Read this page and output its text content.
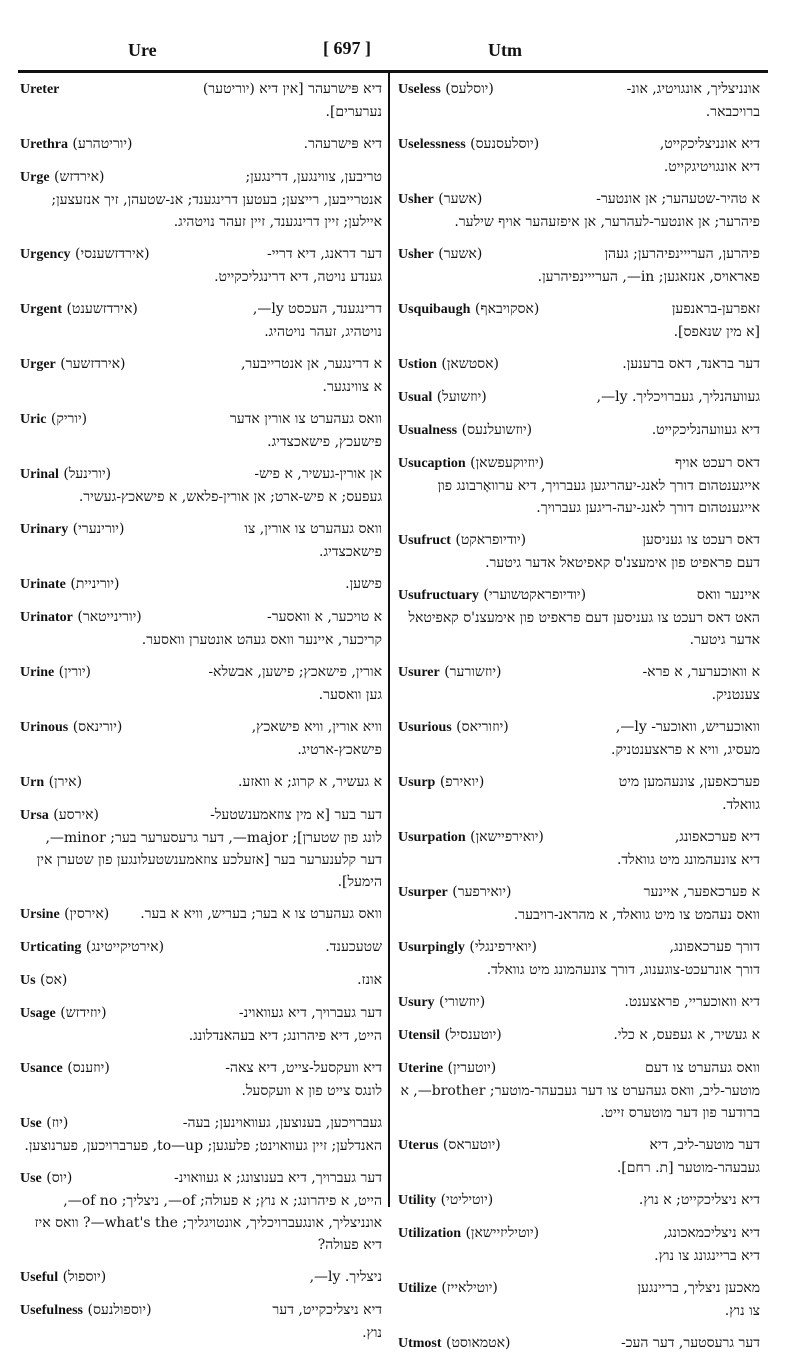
Ure	[ 697 ]	Utm
Ureter	דיא פּישרעהר [אין דיא (יוריטער)
נערערים].
Urethra (יוריטהרע)	דיא פּישרעהר.
Urge (אירדזש)	טריבען, צווינגען, דרינגען;
אנטרייבען, רייצען; בעטען דרינגענד; אנ-שטעהן, זיך אנזעצען; איילען; זיין דרינגענד, זיין זעהר נויטהיג.
Urgency (אירדזשענסי)	דער דראנג, דיא דריי-
גענדע נויטה, דיא דרינגליכקייט.
Urgent (אירדזשענט)	דרינגענד, העכסט ly—,
נויטהיג, זעהר נויטהיג.
Urger (אירדזשער)	א דרינגער, אן אנטרייבער,
א צווינגער.
Uric (יוריק)	וואס געהערט צו אורין אדער
פישעכץ, פישאכצדיג.
Urinal (יורינעל)	אן אורין-געשיר, א פיש-
געפעס; א פיש-ארט; אן אורין-פלאש, א פישאכץ-געשיר.
Urinary (יורינערי)	וואס געהערט צו אורין, צו
פישאכצדיג.
Urinate (יוריניית)	פישען.
Urinator (יורינייטאר)	א טויכער, א וואסער-
קריכער, איינער וואס געהט אונטערן וואסער.
Urine (יורין)	אורין, פישאכץ; פישען, אבשלא-
גען וואסער.
Urinous (יורינאס)	וויא אורין, וויא פישאכץ,
פישאכץ-ארטיג.
Urn (אירן)	א געשיר, א קרוג; א וואזע.
Ursa (אירסע)	דער בער [א מין צוזאמענשטעל-
לונג פון שטערן]; major—, דער גרעסערער בער; minor—, דער קלענערער בער [אזעלכע צוזאמענשטעלונגען פון שטערן אין הימעל].
Ursine (אירסין)	וואס געהערט צו א בער; בעריש, וויא א בער.
Urticating (אירטיקייטינג)	שטעכענד.
Us (אס)	אונז.
Usage (יוזידזש)	דער געברויך, דיא געוואוינ-
הייט, דיא פיהרונג; דיא בעהאנדלונג.
Usance (יוזענס)	דיא וועקסעל-צייט, דיא צאה-
לונגס צייט פון א וועקסעל.
Use (יוז)	געברויכען, בענוצען, געוואוינען; בעה-
האנדלען; זיין געוואוינט; פלעגען; to—up, פערברויכען, פערנוצען.
Use (יוס)	דער געברויך, דיא בענוצונג; א געוואוינ-
הייט, א פיהרונג; א נוץ; א פעולה; of—, ניצליך; of no—, אונניצליך, אונגעברויכליך, אונטויגליך; what's the—? וואס איז דיא פעולה?
Useful (יוספול)	ניצליך. ly—,
Usefulness (יוספולנעס)	דיא ניצליכקייט, דער
נוץ.
Useless (יוסלעס)	אונניצליך, אונגויטיג, אונ-
ברויכבאר.
Uselessness (יוסלעסנעס)	דיא אונניצליכקייט,
דיא אונגויטיגקייט.
Usher (אשער)	א טהיר-שטעהער; אן אונטער-
פיהרער; אן אונטער-לעהרער, אן איפזעהער אויף שילער.
Usher (אשער)	פיהרען, הערייינפיהרען; געהן
פאראויס, אנזאגען; in—, הערייינפיהרען.
Usquibaugh (אסקויבאף)	זאפרען-בראנפען
[א מין שנאפס].
Ustion (אסטשאן)	דער בראנד, דאס ברענען.
Usual (יוזשועל)	געוועהנליך, געברויכליך. ly—,
Usualness (יוזשועלנעס)	דיא געוועהנליכקייט.
Usucaption (יוזיוקעפשאן)	דאס רעכט אויף
אייגענטהום דורך לאנג-יעהריגען געברויך, דיא ערוואָרבונג פון אייגענטהום דורך לאנג-יעה-ריגען געברויך.
Usufruct (יודיופראקט)	דאס רעכט צו געניסען
דעם פראפיט פון אימעצנ'ס קאפיטאל אדער גיטער.
Usufructuary (יודיופראקטשוערי)	איינער וואס
האט דאס רעכט צו געניסען דעם פראפיט פון אימעצנ'ס קאפיטאל אדער גיטער.
Usurer (יוזשורער)	א וואוכערער, א פרא-
צענטניק.
Usurious (יוזוריאס)	וואוכעריש, וואוכער- ly—,
מעסיג, וויא א פראצענטניק.
Usurp (יואירפ)	פערכאפען, צונעהמען מיט
גוואלד.
Usurpation (יואירפיישאן)	דיא פערכאפונג,
דיא צונעהמונג מיט גוואלד.
Usurper (יואירפער)	א פערכאפער, איינער
וואס נעהמט צו מיט גוואלד, א מהראנ-רויבער.
Usurpingly (יואירפינגלי)	דורך פערכאפונג,
דורך אונרעכט-צוגענוג, דורך צונעהמונג מיט גוואלד.
Usury (יוזשורי)	דיא וואוכעריי, פראצענט.
Utensil (יוטענסיל)	א געשיר, א געפעס, א כלי.
Uterine (יוטערין)	וואס געהערט צו דעם
מוטער-ליב, וואס געהערט צו דער געבעהר-מוטער; brother—, א ברודער פון דער מוטערס זייט.
Uterus (יוטעראס)	דער מוטער-ליב, דיא
געבעהר-מוטער [ת. רחם].
Utility (יוטיליטי)	דיא ניצליכקייט; א נוץ.
Utilization (יוטיליזיישאן)	דיא ניצליכמאכונג,
דיא בריינגונג צו נוץ.
Utilize (יוטילאייז)	מאכען ניצליך, בריינגען
צו נוץ.
Utmost (אטמאוסט)	דער גרעסטער, דער העכ-
